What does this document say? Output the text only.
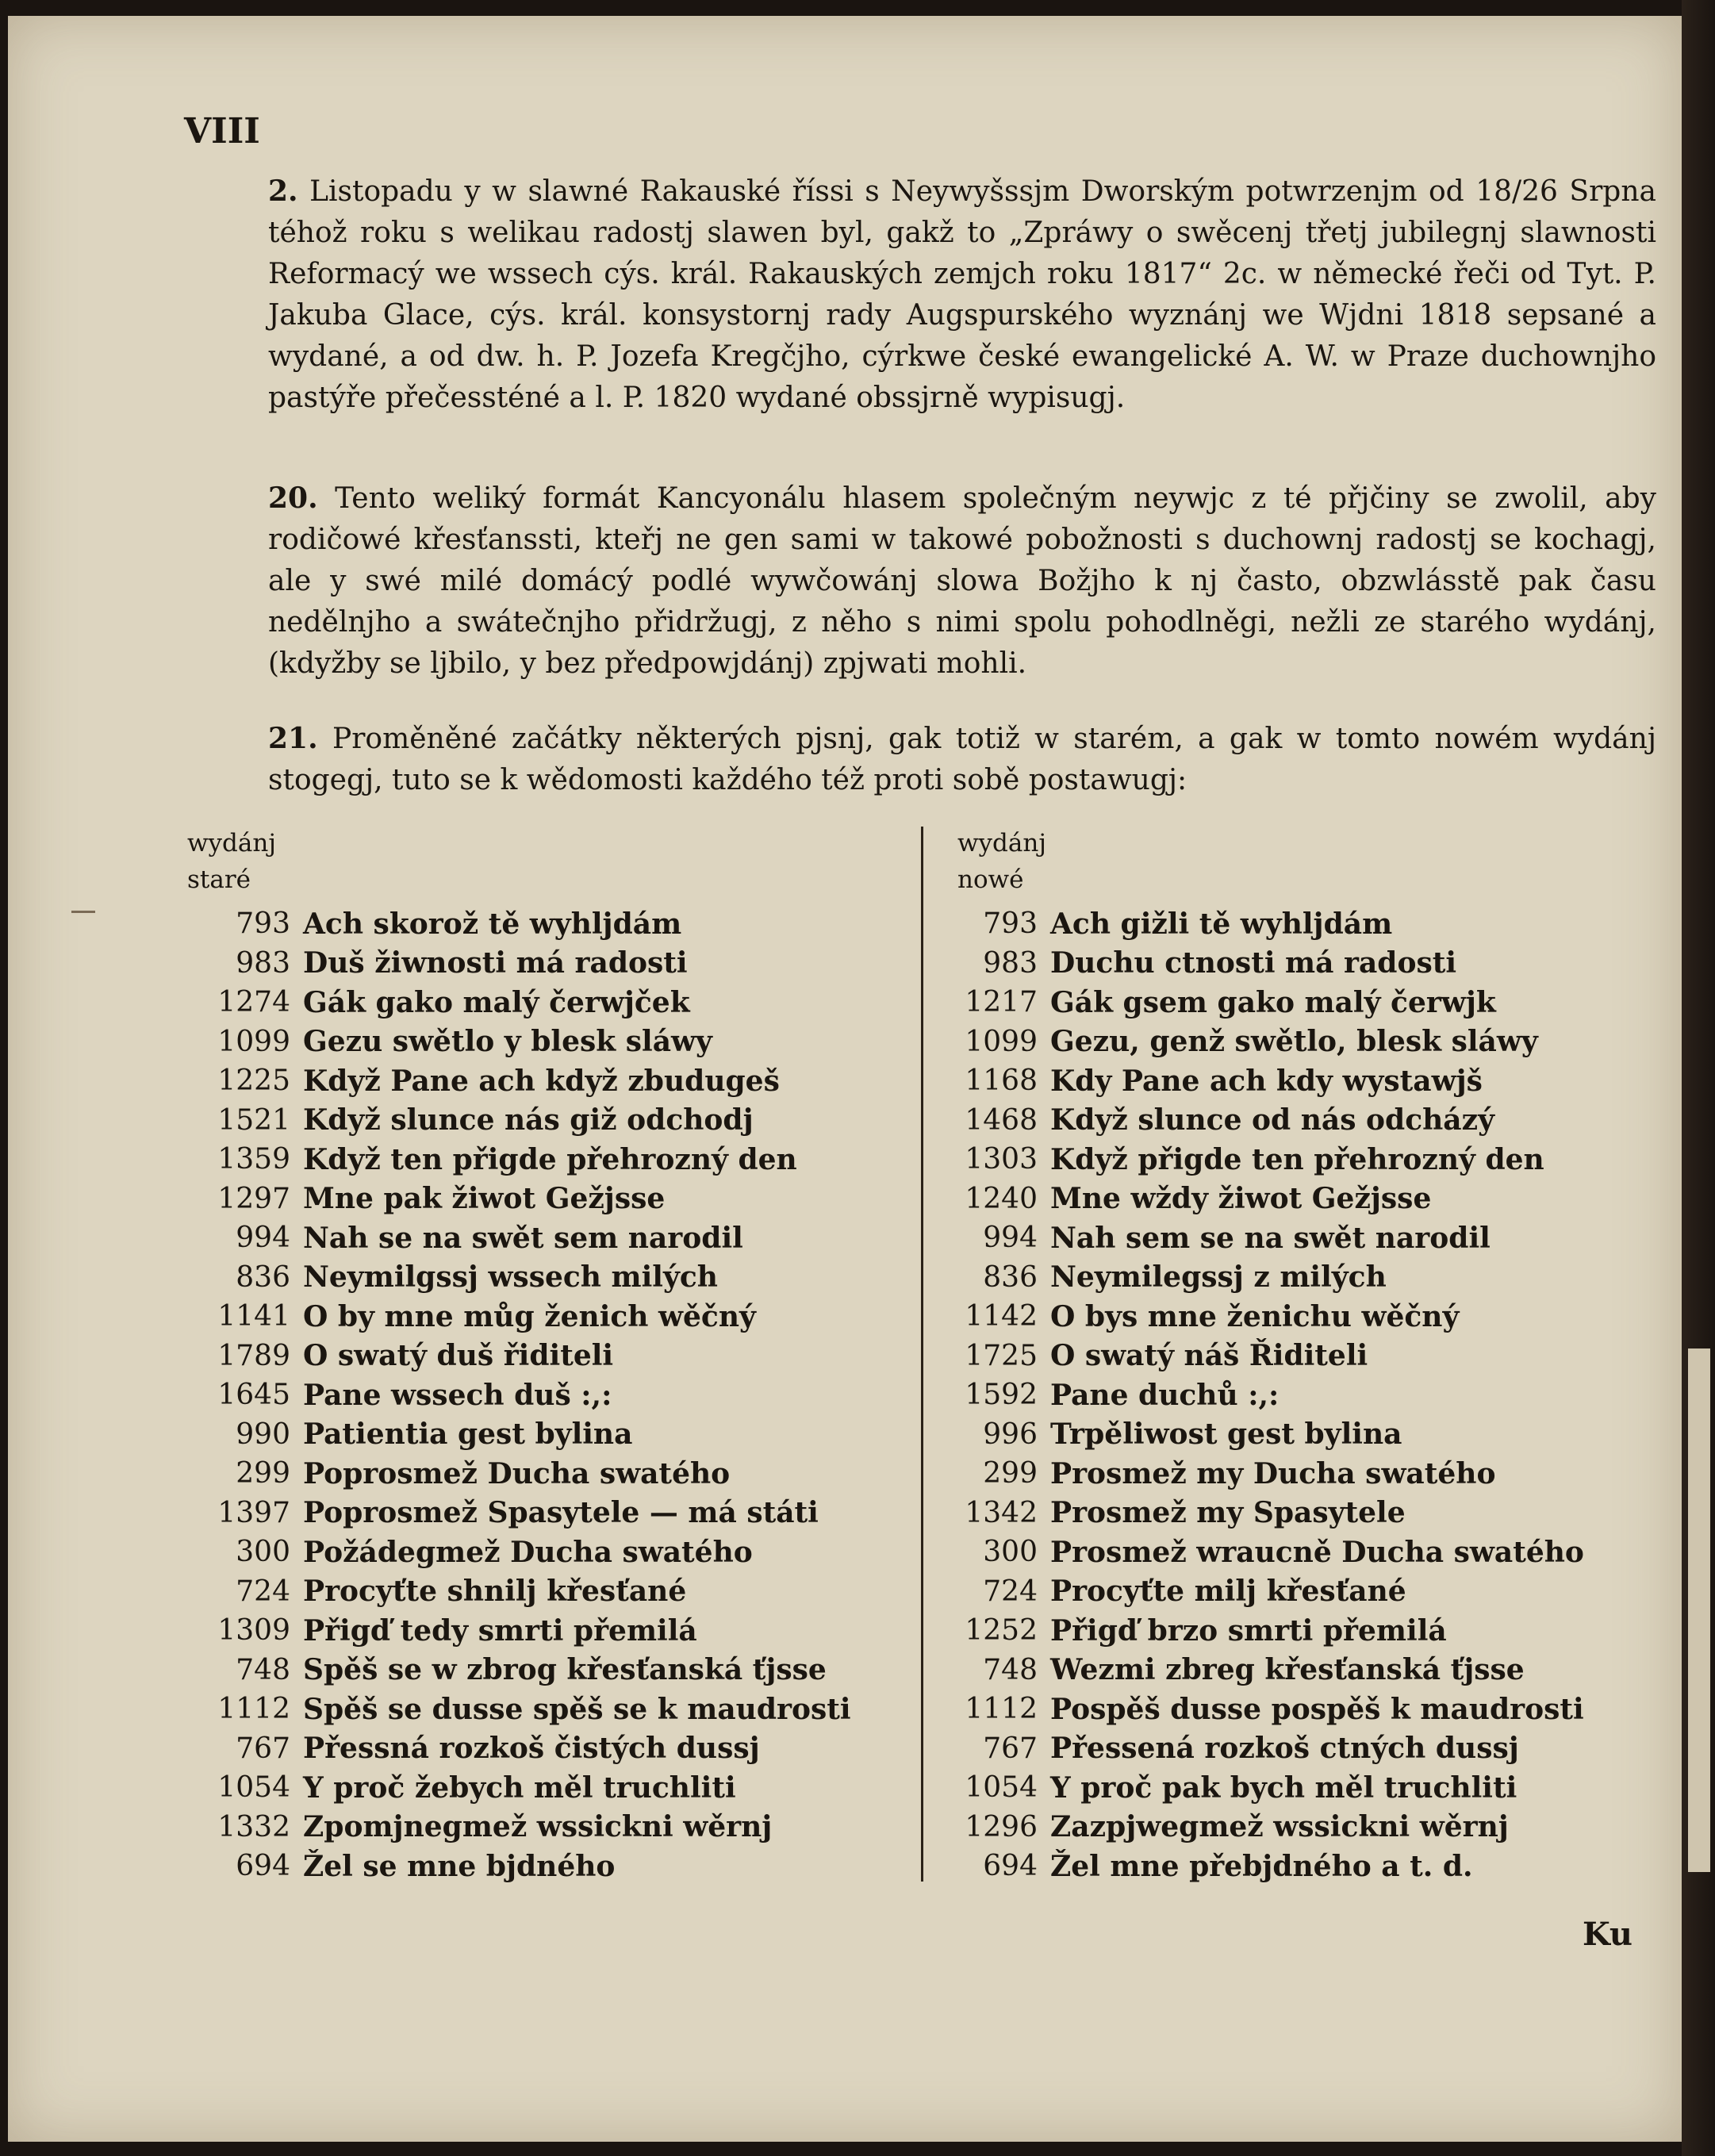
VIII
2. Listopadu y w slawné Rakauské říssi s Neywyšssjm Dworským potwrzenjm od 18/26 Srpna téhož roku s welikau radostj slawen byl, gakž to „Zpráwy o swěcenj třetj jubilegnj slawnosti Reformacý we wssech cýs. král. Rakauských zemjch roku 1817“ 2c. w německé řeči od Tyt. P. Jakuba Glace, cýs. král. konsystornj rady Augspurského wyznánj we Wjdni 1818 sepsané a wydané, a od dw. h. P. Jozefa Kregčjho, cýrkwe české ewangelické A. W. w Praze duchownjho pastýře přečessténé a l. P. 1820 wydané obssjrně wypisugj.
20. Tento weliký formát Kancyonálu hlasem společným neywjc z té přjčiny se zwolil, aby rodičowé křesťanssti, kteřj ne gen sami w takowé pobožnosti s duchownj radostj se kochagj, ale y swé milé domácý podlé wywčowánj slowa Božjho k nj často, obzwlásstě pak času nedělnjho a swátečnjho přidržugj, z něho s nimi spolu pohodlněgi, nežli ze starého wydánj, (kdyžby se ljbilo, y bez předpowjdánj) zpjwati mohli.
21. Proměněné začátky některých pjsnj, gak totiž w starém, a gak w tomto nowém wydánj stogegj, tuto se k wědomosti každého též proti sobě postawugj:
wydánj
staré
wydánj
nowé
793 Ach skorož tě wyhljdám
983 Duš žiwnosti má radosti
1274 Gák gako malý čerwjček
1099 Gezu swětlo y blesk sláwy
1225 Když Pane ach když zbudugeš
1521 Když slunce nás giž odchodj
1359 Když ten přigde přehrozný den
1297 Mne pak žiwot Gežjsse
994 Nah se na swět sem narodil
836 Neymilgssj wssech milých
1141 O by mne můg ženich wěčný
1789 O swatý duš řiditeli
1645 Pane wssech duš :,:
990 Patientia gest bylina
299 Poprosmež Ducha swatého
1397 Poprosmež Spasytele — má státi
300 Požádegmež Ducha swatého
724 Procyťte shnilj křesťané
1309 Přigď tedy smrti přemilá
748 Spěš se w zbrog křesťanská ťjsse
1112 Spěš se dusse spěš se k maudrosti
767 Přessná rozkoš čistých dussj
1054 Y proč žebych měl truchliti
1332 Zpomjnegmež wssickni wěrnj
694 Žel se mne bjdného
793 Ach gižli tě wyhljdám
983 Duchu ctnosti má radosti
1217 Gák gsem gako malý čerwjk
1099 Gezu, genž swětlo, blesk sláwy
1168 Kdy Pane ach kdy wystawjš
1468 Když slunce od nás odcházý
1303 Když přigde ten přehrozný den
1240 Mne wždy žiwot Gežjsse
994 Nah sem se na swět narodil
836 Neymilegssj z milých
1142 O bys mne ženichu wěčný
1725 O swatý náš Řiditeli
1592 Pane duchů :,:
996 Trpěliwost gest bylina
299 Prosmež my Ducha swatého
1342 Prosmež my Spasytele
300 Prosmež wraucně Ducha swatého
724 Procyťte milj křesťané
1252 Přigď brzo smrti přemilá
748 Wezmi zbreg křesťanská ťjsse
1112 Pospěš dusse pospěš k maudrosti
767 Přessená rozkoš ctných dussj
1054 Y proč pak bych měl truchliti
1296 Zazpjwegmež wssickni wěrnj
694 Žel mne přebjdného a t. d.
Ku
